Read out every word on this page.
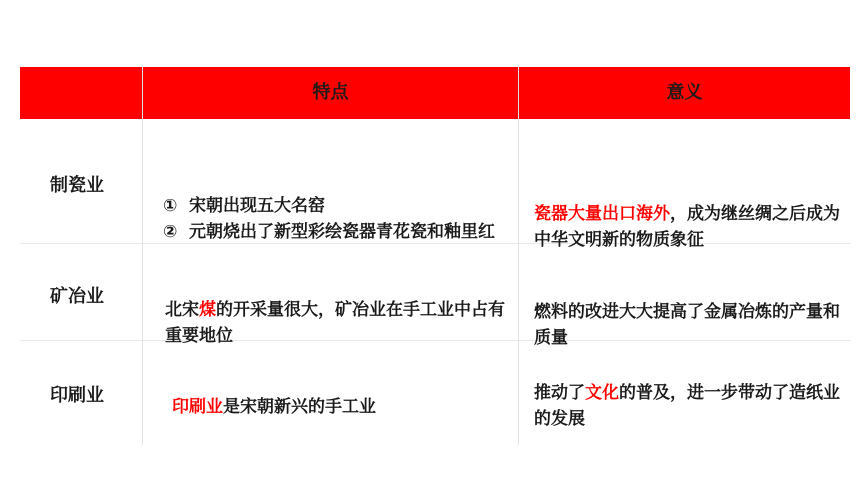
特点	意义
制瓷业
矿冶业
印刷业
① 宋朝出现五大名窑
② 元朝烧出了新型彩绘瓷器青花瓷和釉里红
瓷器大量出口海外，成为继丝绸之后成为中华文明新的物质象征
北宋煤的开采量很大，矿冶业在手工业中占有重要地位
燃料的改进大大提高了金属冶炼的产量和质量
印刷业是宋朝新兴的手工业
推动了文化的普及，进一步带动了造纸业的发展
